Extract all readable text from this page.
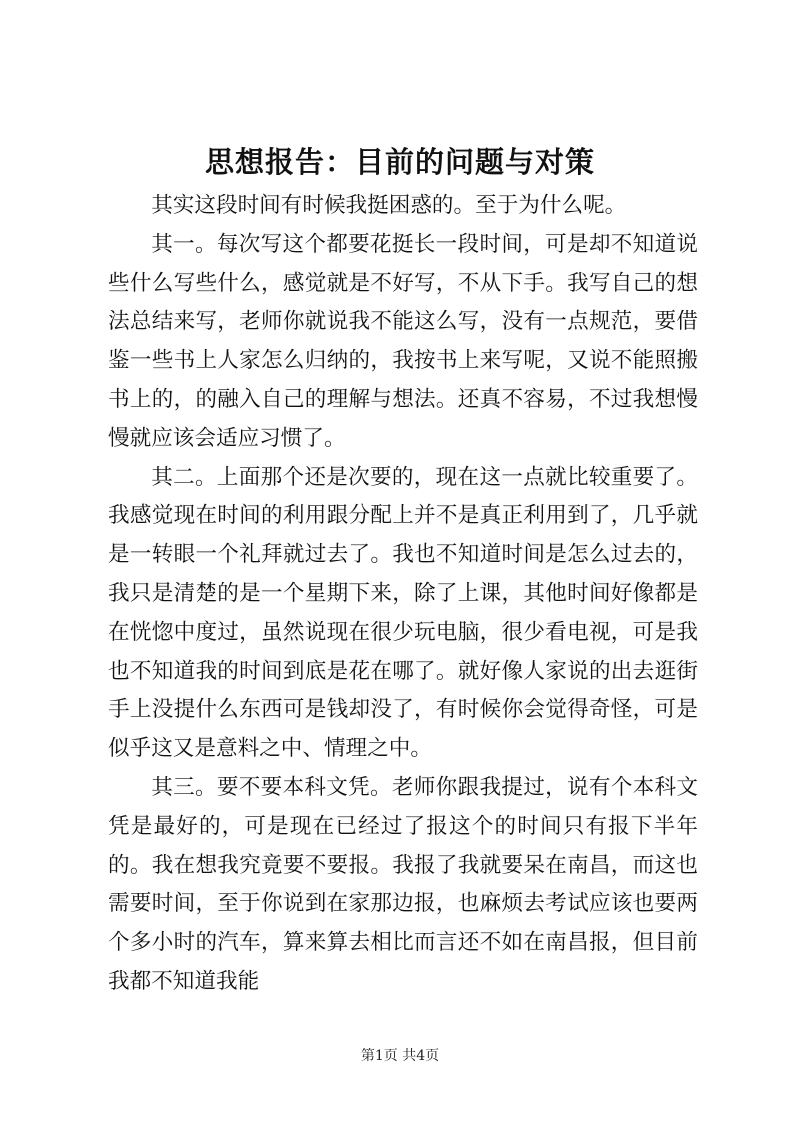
思想报告：目前的问题与对策

其实这段时间有时候我挺困惑的。至于为什么呢。

其一。每次写这个都要花挺长一段时间，可是却不知道说些什么写些什么，感觉就是不好写，不从下手。我写自己的想法总结来写，老师你就说我不能这么写，没有一点规范，要借鉴一些书上人家怎么归纳的，我按书上来写呢，又说不能照搬书上的，的融入自己的理解与想法。还真不容易，不过我想慢慢就应该会适应习惯了。

其二。上面那个还是次要的，现在这一点就比较重要了。我感觉现在时间的利用跟分配上并不是真正利用到了，几乎就是一转眼一个礼拜就过去了。我也不知道时间是怎么过去的，我只是清楚的是一个星期下来，除了上课，其他时间好像都是在恍惚中度过，虽然说现在很少玩电脑，很少看电视，可是我也不知道我的时间到底是花在哪了。就好像人家说的出去逛街手上没提什么东西可是钱却没了，有时候你会觉得奇怪，可是似乎这又是意料之中、情理之中。

其三。要不要本科文凭。老师你跟我提过，说有个本科文凭是最好的，可是现在已经过了报这个的时间只有报下半年的。我在想我究竟要不要报。我报了我就要呆在南昌，而这也需要时间，至于你说到在家那边报，也麻烦去考试应该也要两个多小时的汽车，算来算去相比而言还不如在南昌报，但目前我都不知道我能

第1页 共4页
